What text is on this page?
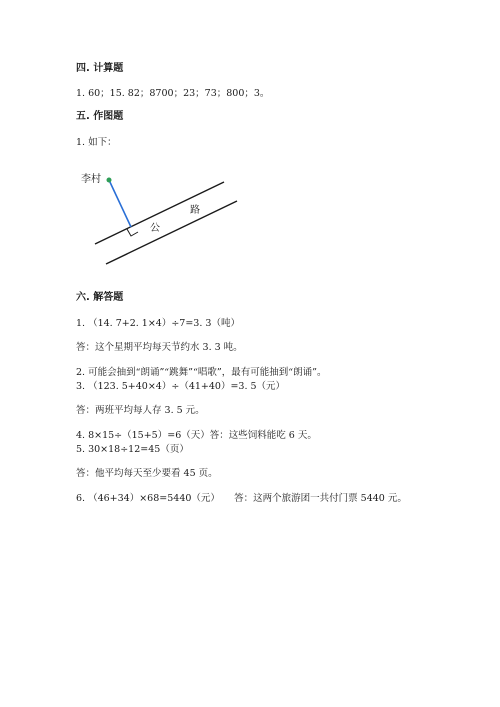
四. 计算题
1. 60；15. 82；8700；23；73；800；3。
五. 作图题
1. 如下：
李村
路
公
六. 解答题
1. （14. 7+2. 1×4）÷7=3. 3（吨）
答：这个星期平均每天节约水 3. 3 吨。
2. 可能会抽到“朗诵”“跳舞”“唱歌”，最有可能抽到“朗诵”。
3. （123. 5+40×4）÷（41+40）=3. 5（元）
答：两班平均每人存 3. 5 元。
4. 8×15÷（15+5）=6（天）答：这些饲料能吃 6 天。
5. 30×18÷12=45（页）
答：他平均每天至少要看 45 页。
6. （46+34）×68=5440（元）　　答：这两个旅游团一共付门票 5440 元。
